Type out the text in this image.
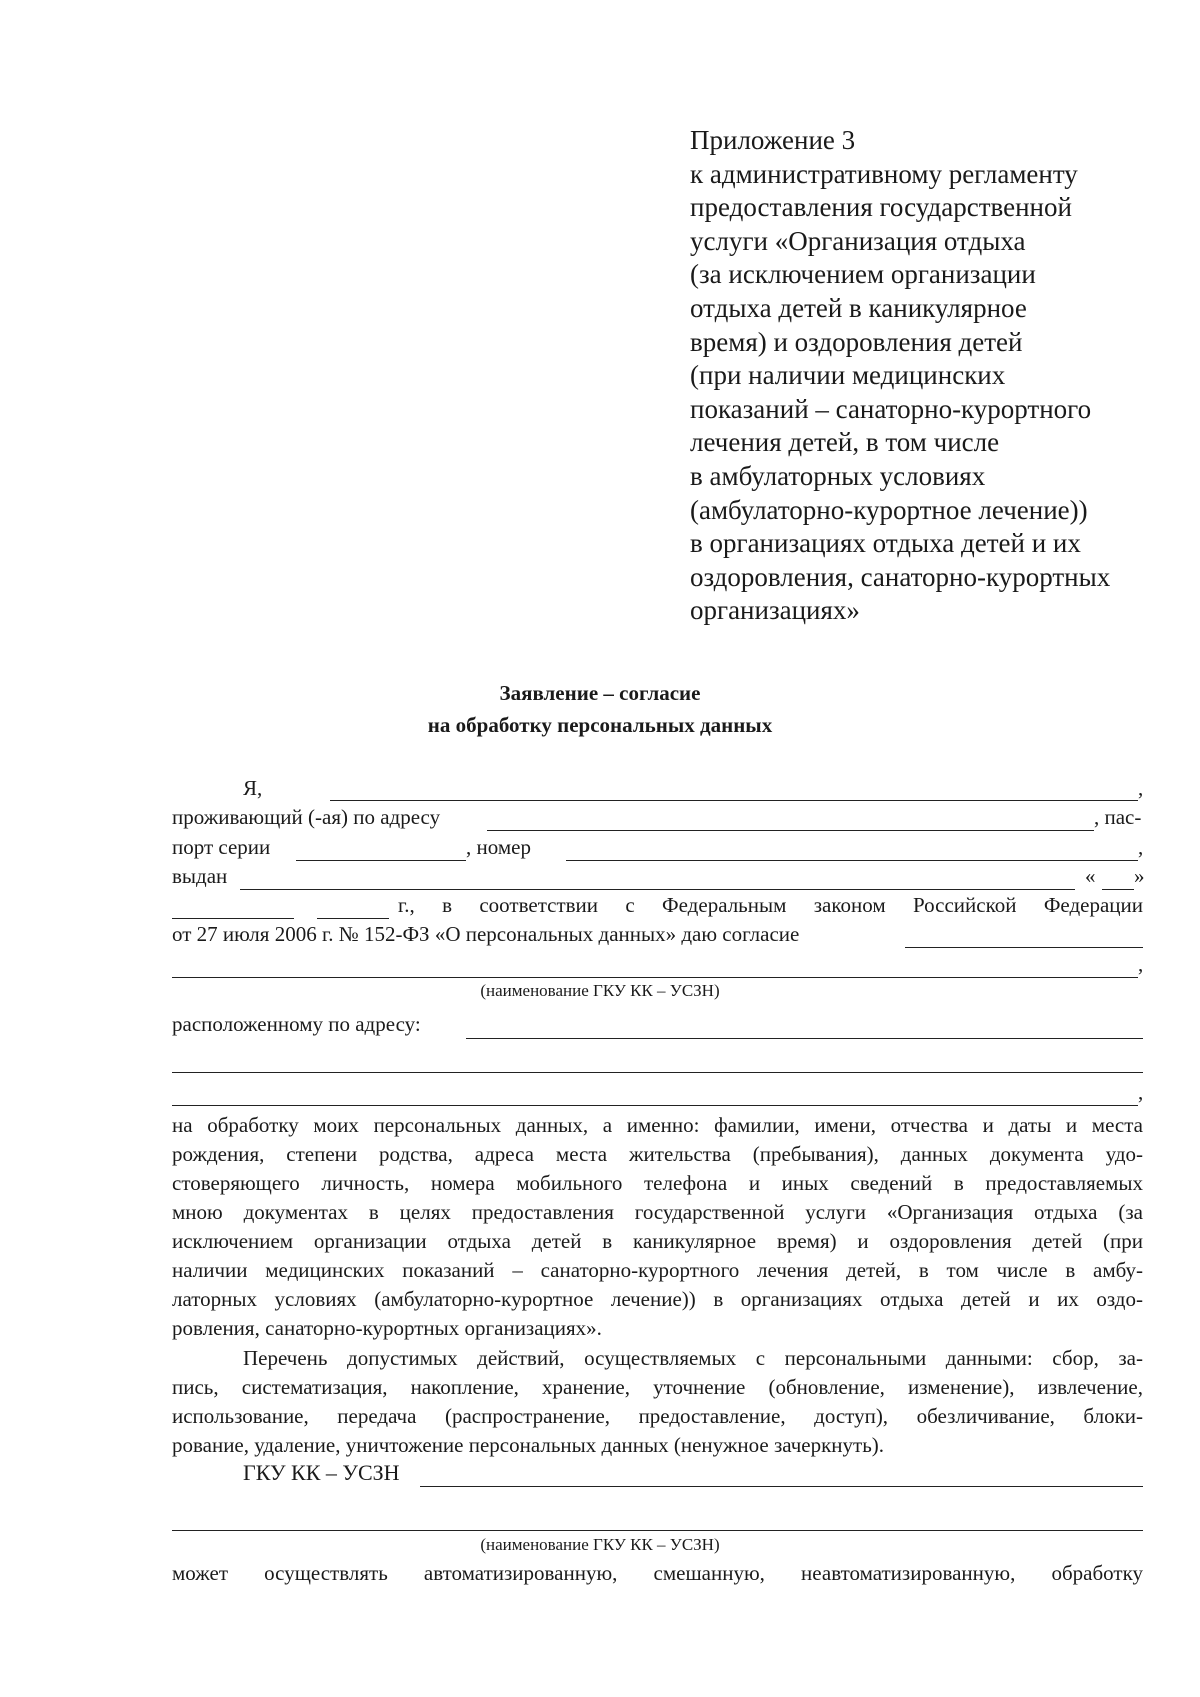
Приложение 3
к административному регламенту
предоставления государственной
услуги «Организация отдыха
(за исключением организации
отдыха детей в каникулярное
время) и оздоровления детей
(при наличии медицинских
показаний – санаторно-курортного
лечения детей, в том числе
в амбулаторных условиях
(амбулаторно-курортное лечение))
в организациях отдыха детей и их
оздоровления, санаторно-курортных
организациях»
Заявление – согласие
на обработку персональных данных
Я,	,
проживающий (-ая) по адресу	, пас-
порт серии	, номер	,
выдан	« »
г., в соответствии с Федеральным законом Российской Федерации
от 27 июля 2006 г. № 152-ФЗ «О персональных данных» даю согласие
,
(наименование ГКУ КК – УСЗН)
расположенному по адресу:
,
на обработку моих персональных данных, а именно: фамилии, имени, отчества и даты и места
рождения, степени родства, адреса места жительства (пребывания), данных документа удо-
стоверяющего личность, номера мобильного телефона и иных сведений в предоставляемых
мною документах в целях предоставления государственной услуги «Организация отдыха (за
исключением организации отдыха детей в каникулярное время) и оздоровления детей (при
наличии медицинских показаний – санаторно-курортного лечения детей, в том числе в амбу-
латорных условиях (амбулаторно-курортное лечение)) в организациях отдыха детей и их оздо-
ровления, санаторно-курортных организациях».
Перечень допустимых действий, осуществляемых с персональными данными: сбор, за-
пись, систематизация, накопление, хранение, уточнение (обновление, изменение), извлечение,
использование, передача (распространение, предоставление, доступ), обезличивание, блоки-
рование, удаление, уничтожение персональных данных (ненужное зачеркнуть).
ГКУ КК – УСЗН
(наименование ГКУ КК – УСЗН)
может осуществлять автоматизированную, смешанную, неавтоматизированную, обработку
